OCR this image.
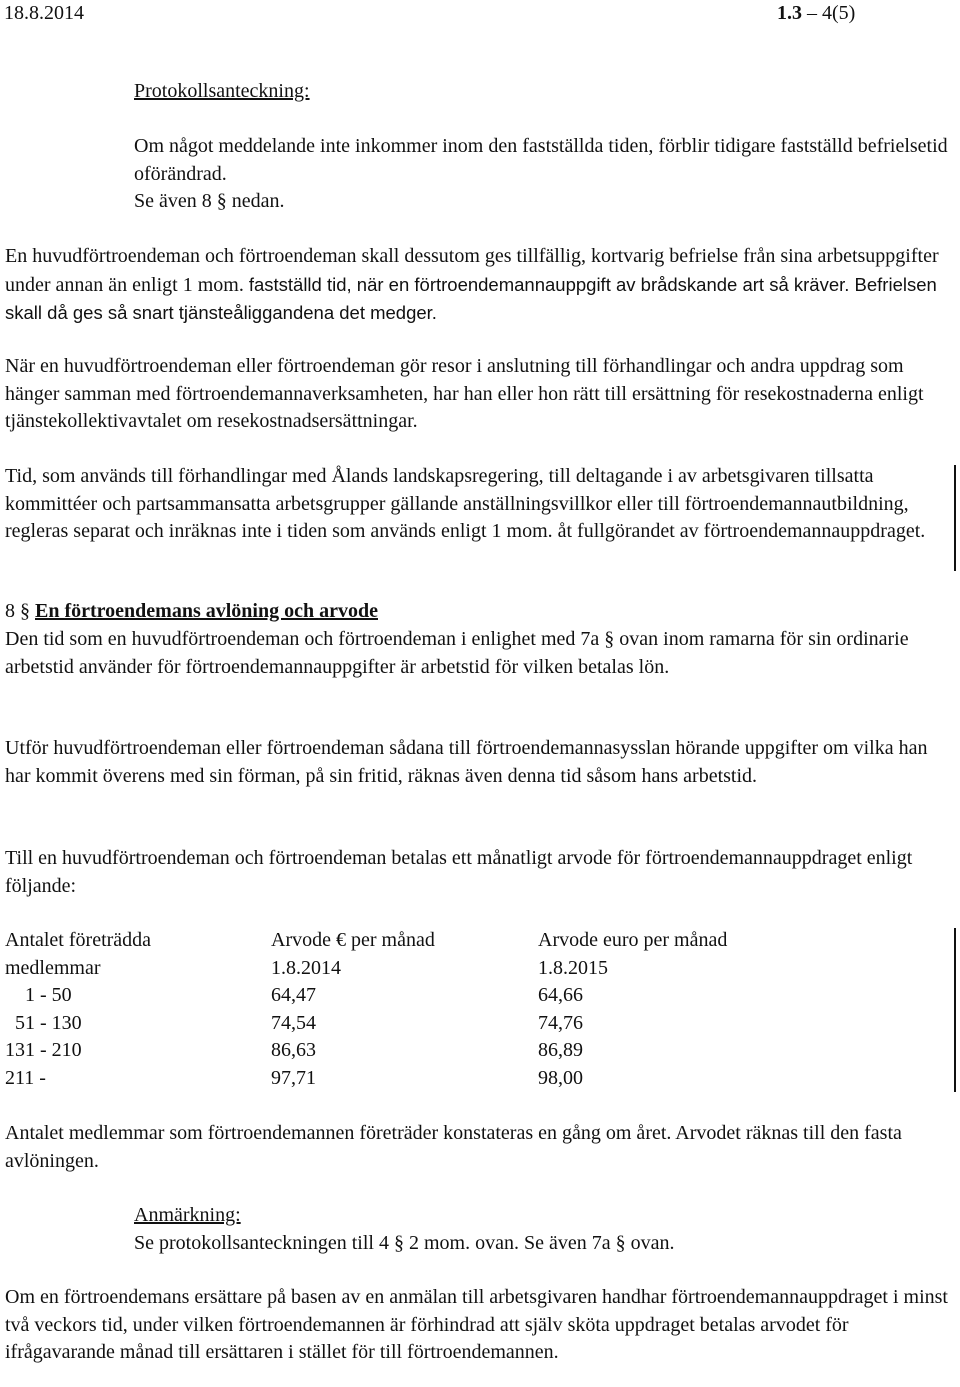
18.8.2014	1.3 – 4(5)

Protokollsanteckning:

Om något meddelande inte inkommer inom den fastställda tiden, förblir tidigare fastställd befrielsetid oförändrad.

Se även 8 § nedan.

En huvudförtroendeman och förtroendeman skall dessutom ges tillfällig, kortvarig befrielse från sina arbetsuppgifter under annan än enligt 1 mom. fastställd tid, när en förtroendemannauppgift av brådskande art så kräver. Befrielsen skall då ges så snart tjänsteåliggandena det medger.

När en huvudförtroendeman eller förtroendeman gör resor i anslutning till förhandlingar och andra uppdrag som hänger samman med förtroendemannaverksamheten, har han eller hon rätt till ersättning för resekostnaderna enligt tjänstekollektivavtalet om resekostnadsersättningar.

Tid, som används till förhandlingar med Ålands landskapsregering, till deltagande i av arbetsgivaren tillsatta kommittéer och partsammansatta arbetsgrupper gällande anställningsvillkor eller till förtroendemannautbildning, regleras separat och inräknas inte i tiden som används enligt 1 mom. åt fullgörandet av förtroendemannauppdraget.

8 § En förtroendemans avlöning och arvode

Den tid som en huvudförtroendeman och förtroendeman i enlighet med 7a § ovan inom ramarna för sin ordinarie arbetstid använder för förtroendemannauppgifter är arbetstid för vilken betalas lön.

Utför huvudförtroendeman eller förtroendeman sådana till förtroendemannasysslan hörande uppgifter om vilka han har kommit överens med sin förman, på sin fritid, räknas även denna tid såsom hans arbetstid.

Till en huvudförtroendeman och förtroendeman betalas ett månatligt arvode för förtroendemannauppdraget enligt följande:

Antalet företrädda	Arvode € per månad	Arvode euro per månad
medlemmar	1.8.2014	1.8.2015
1 - 50	64,47	64,66
51 - 130	74,54	74,76
131 - 210	86,63	86,89
211 -	97,71	98,00

Antalet medlemmar som förtroendemannen företräder konstateras en gång om året. Arvodet räknas till den fasta avlöningen.

Anmärkning:

Se protokollsanteckningen till 4 § 2 mom. ovan. Se även 7a § ovan.

Om en förtroendemans ersättare på basen av en anmälan till arbetsgivaren handhar förtroendemannauppdraget i minst två veckors tid, under vilken förtroendemannen är förhindrad att själv sköta uppdraget betalas arvodet för ifrågavarande månad till ersättaren i stället för till förtroendemannen.
